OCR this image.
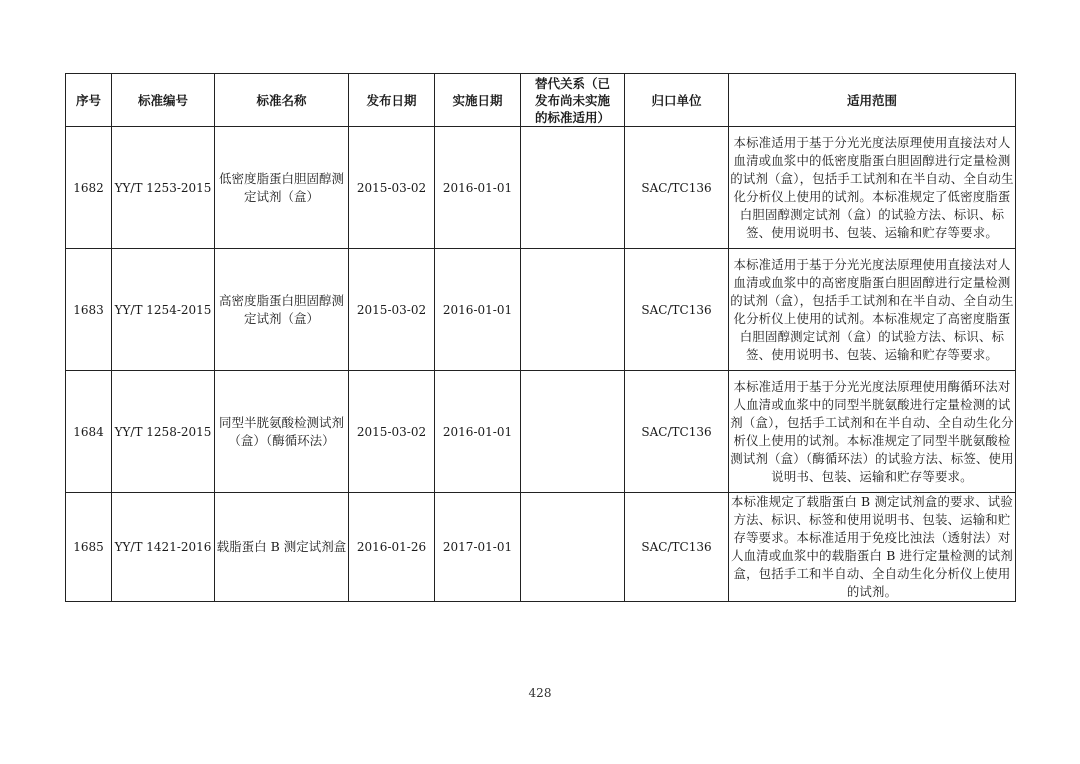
序号	标准编号	标准名称	发布日期	实施日期	替代关系（已发布尚未实施的标准适用）	归口单位	适用范围
1682	YY/T 1253-2015	低密度脂蛋白胆固醇测定试剂（盒）	2015-03-02	2016-01-01		SAC/TC136	本标准适用于基于分光光度法原理使用直接法对人血清或血浆中的低密度脂蛋白胆固醇进行定量检测的试剂（盒），包括手工试剂和在半自动、全自动生化分析仪上使用的试剂。本标准规定了低密度脂蛋白胆固醇测定试剂（盒）的试验方法、标识、标签、使用说明书、包装、运输和贮存等要求。
1683	YY/T 1254-2015	高密度脂蛋白胆固醇测定试剂（盒）	2015-03-02	2016-01-01		SAC/TC136	本标准适用于基于分光光度法原理使用直接法对人血清或血浆中的高密度脂蛋白胆固醇进行定量检测的试剂（盒），包括手工试剂和在半自动、全自动生化分析仪上使用的试剂。本标准规定了高密度脂蛋白胆固醇测定试剂（盒）的试验方法、标识、标签、使用说明书、包装、运输和贮存等要求。
1684	YY/T 1258-2015	同型半胱氨酸检测试剂（盒）（酶循环法）	2015-03-02	2016-01-01		SAC/TC136	本标准适用于基于分光光度法原理使用酶循环法对人血清或血浆中的同型半胱氨酸进行定量检测的试剂（盒），包括手工试剂和在半自动、全自动生化分析仪上使用的试剂。本标准规定了同型半胱氨酸检测试剂（盒）（酶循环法）的试验方法、标签、使用说明书、包装、运输和贮存等要求。
1685	YY/T 1421-2016	载脂蛋白 B 测定试剂盒	2016-01-26	2017-01-01		SAC/TC136	本标准规定了载脂蛋白 B 测定试剂盒的要求、试验方法、标识、标签和使用说明书、包装、运输和贮存等要求。本标准适用于免疫比浊法（透射法）对人血清或血浆中的载脂蛋白 B 进行定量检测的试剂盒，包括手工和半自动、全自动生化分析仪上使用的试剂。
428
